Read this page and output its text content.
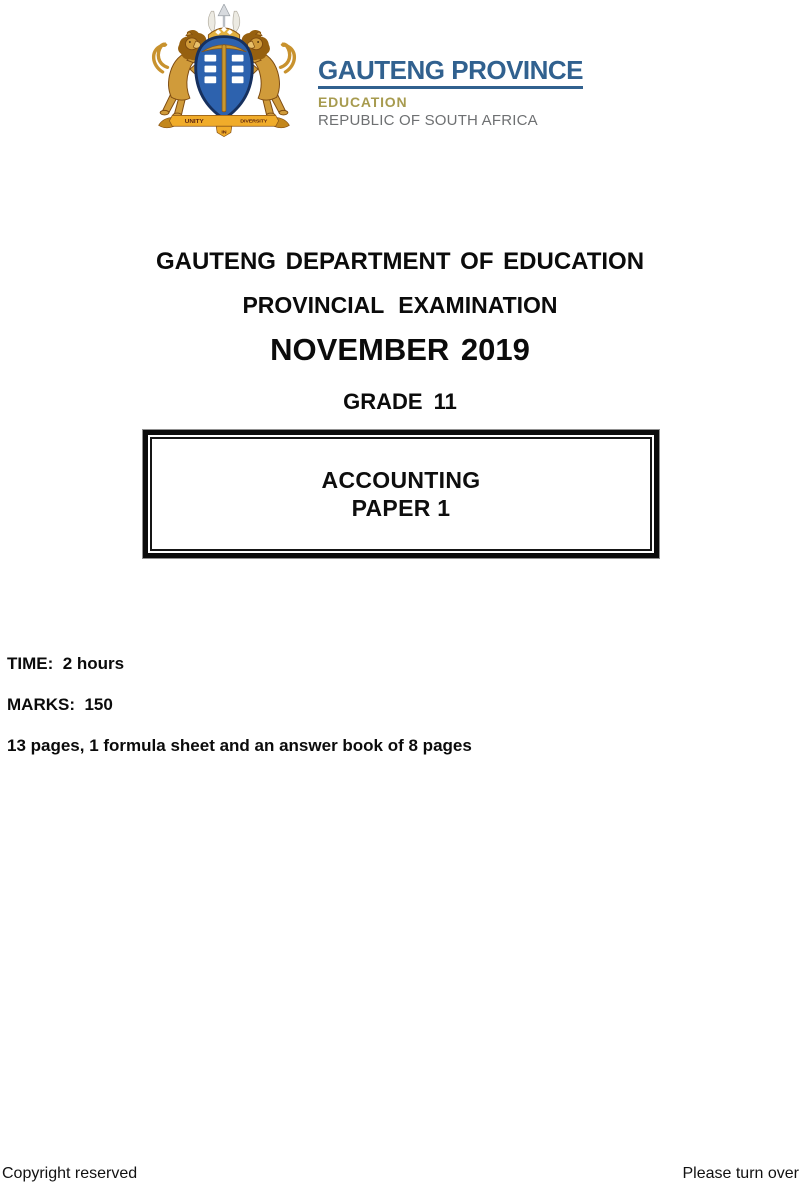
UNITY	DIVERSITY
IN
GAUTENG PROVINCE
EDUCATION
REPUBLIC OF SOUTH AFRICA
GAUTENG DEPARTMENT OF EDUCATION
PROVINCIAL EXAMINATION
NOVEMBER 2019
GRADE 11
ACCOUNTING
PAPER 1
TIME:  2 hours
MARKS:  150
13 pages, 1 formula sheet and an answer book of 8 pages
Copyright reserved	Please turn over
